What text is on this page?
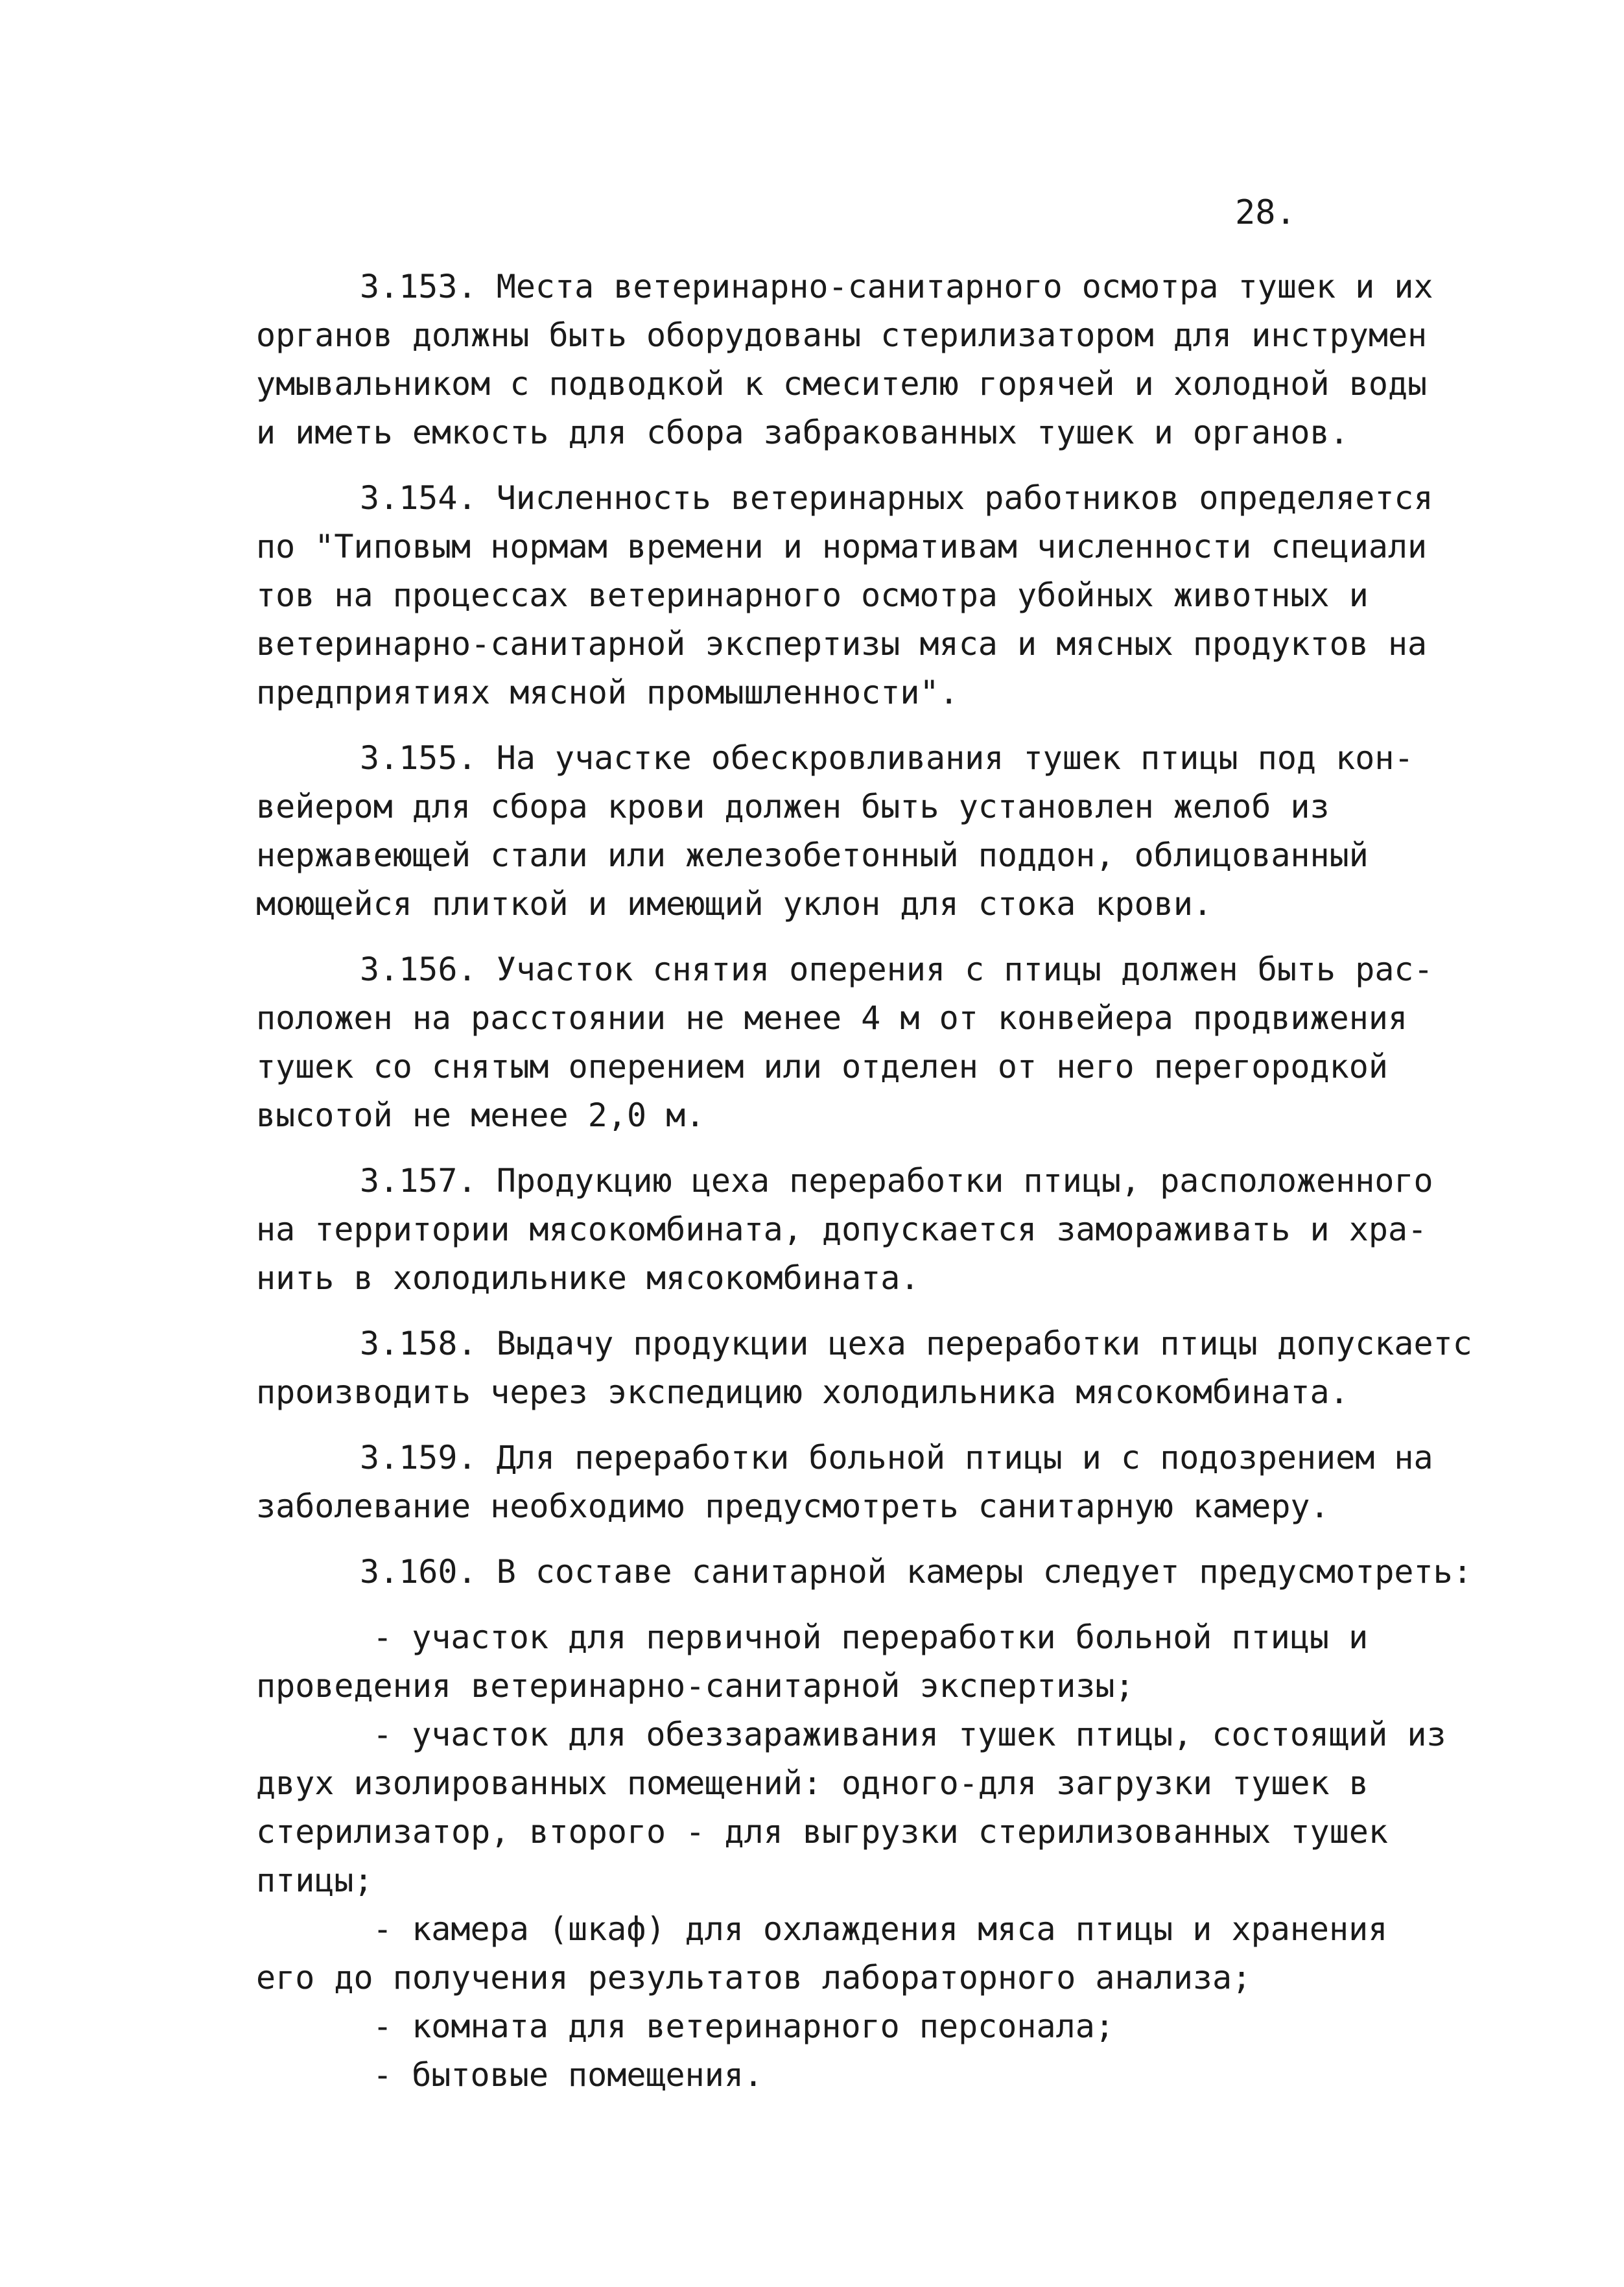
28.
3.153. Места ветеринарно-санитарного осмотра тушек и их
органов должны быть оборудованы стерилизатором для инструмен
умывальником с подводкой к смесителю горячей и холодной воды
и иметь емкость для сбора забракованных тушек и органов.
3.154. Численность ветеринарных работников определяется
по "Типовым нормам времени и нормативам численности специали
тов на процессах ветеринарного осмотра убойных животных и
ветеринарно-санитарной экспертизы мяса и мясных продуктов на
предприятиях мясной промышленности".
3.155. На участке обескровливания тушек птицы под кон-
вейером для сбора крови должен быть установлен желоб из
нержавеющей стали или железобетонный поддон, облицованный
моющейся плиткой и имеющий уклон для стока крови.
3.156. Участок снятия оперения с птицы должен быть рас-
положен на расстоянии не менее 4 м от конвейера продвижения
тушек со снятым оперением или отделен от него перегородкой
высотой не менее 2,0 м.
3.157. Продукцию цеха переработки птицы, расположенного
на территории мясокомбината, допускается замораживать и хра-
нить в холодильнике мясокомбината.
3.158. Выдачу продукции цеха переработки птицы допускаетс
производить через экспедицию холодильника мясокомбината.
3.159. Для переработки больной птицы и с подозрением на
заболевание необходимо предусмотреть санитарную камеру.
3.160. В составе санитарной камеры следует предусмотреть:
- участок для первичной переработки больной птицы и
проведения ветеринарно-санитарной экспертизы;
- участок для обеззараживания тушек птицы, состоящий из
двух изолированных помещений: одного-для загрузки тушек в
стерилизатор, второго - для выгрузки стерилизованных тушек
птицы;
- камера (шкаф) для охлаждения мяса птицы и хранения
его до получения результатов лабораторного анализа;
- комната для ветеринарного персонала;
- бытовые помещения.
